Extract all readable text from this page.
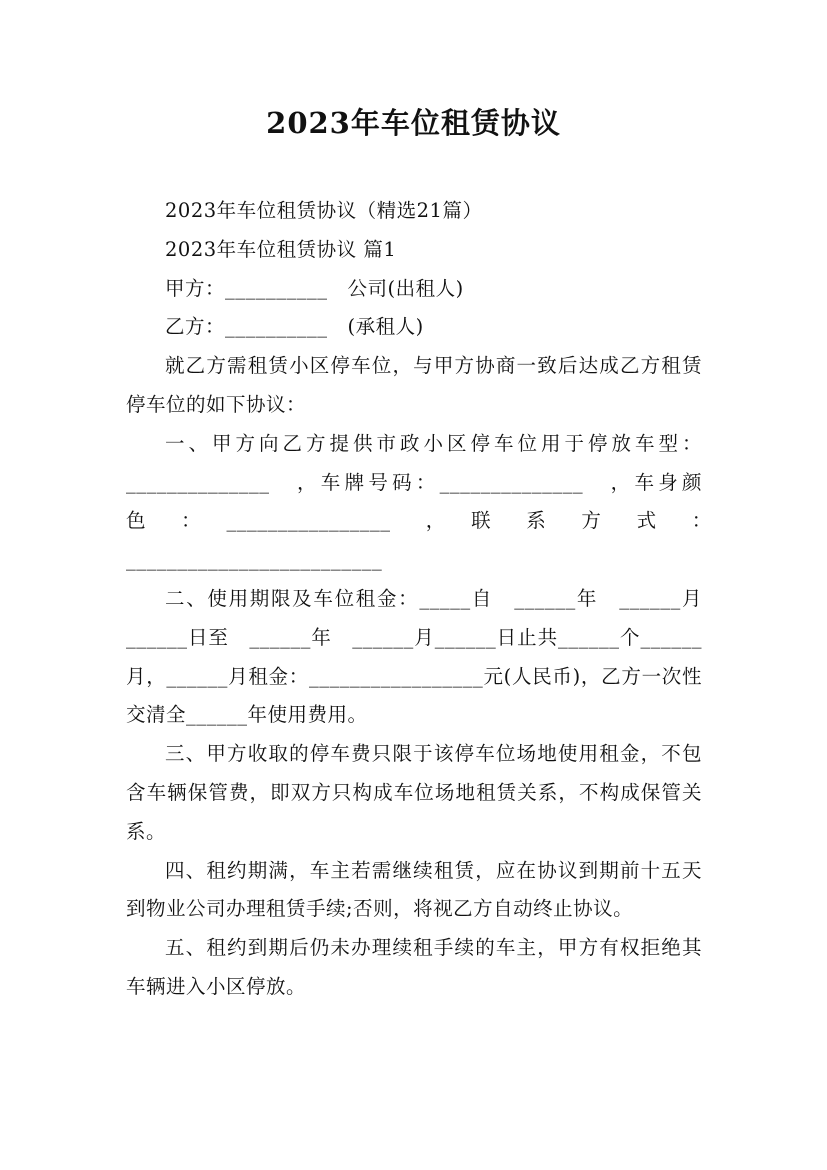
2023年车位租赁协议

2023年车位租赁协议（精选21篇）

2023年车位租赁协议 篇1

甲方：__________　公司(出租人)

乙方：__________　(承租人)

就乙方需租赁小区停车位，与甲方协商一致后达成乙方租赁停车位的如下协议：

一、甲方向乙方提供市政小区停车位用于停放车型：______________　，车牌号码：______________　，车身颜色　：　________________　，　联　系　方　式　：　_________________________

二、使用期限及车位租金：_____自　______年　______月______日至　______年　______月______日止共______个______月，______月租金：_________________元(人民币)，乙方一次性交清全______年使用费用。

三、甲方收取的停车费只限于该停车位场地使用租金，不包含车辆保管费，即双方只构成车位场地租赁关系，不构成保管关系。

四、租约期满，车主若需继续租赁，应在协议到期前十五天到物业公司办理租赁手续;否则，将视乙方自动终止协议。

五、租约到期后仍未办理续租手续的车主，甲方有权拒绝其车辆进入小区停放。
